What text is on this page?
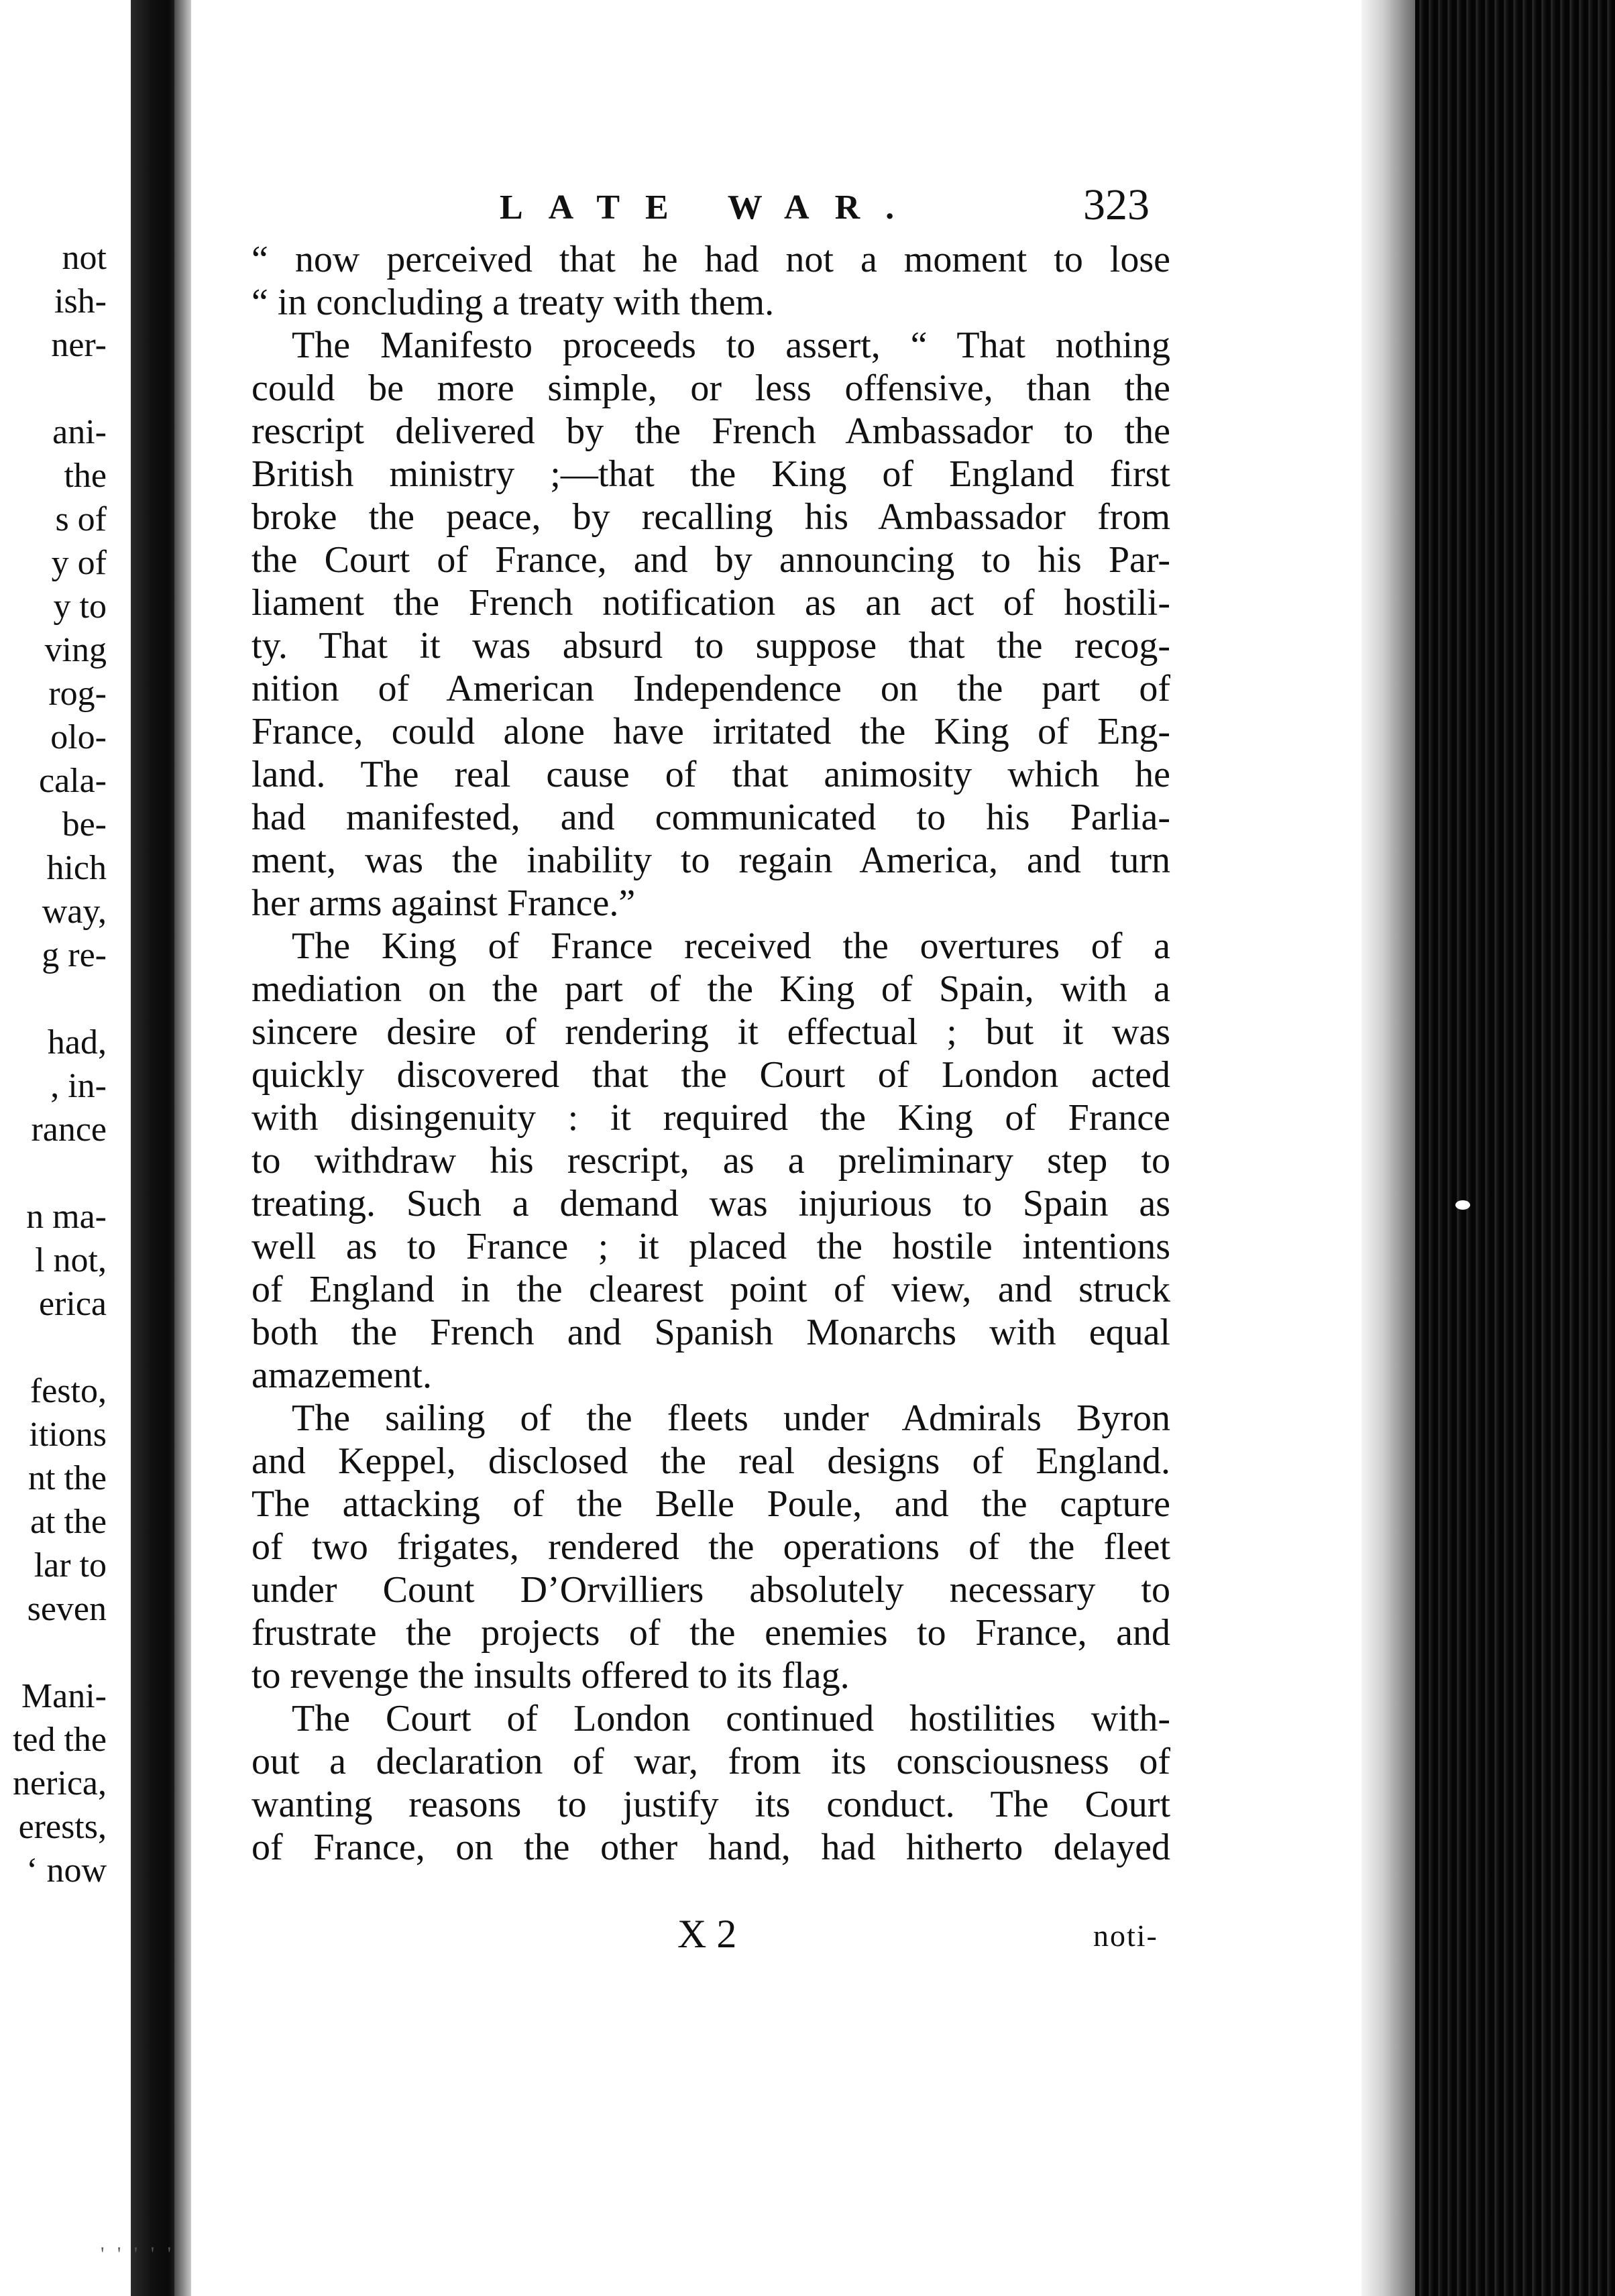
not
ish-
ner-
ani-
the
s of
y of
y to
ving
rog-
olo-
cala-
be-
hich
way,
g re-
had,
, in-
rance
n ma-
l not,
erica
festo,
itions
nt the
at the
lar to
seven
Mani-
ted the
nerica,
erests,
‘ now
LATE WAR.	323
“ now perceived that he had not a moment to lose
“ in concluding a treaty with them.
The Manifesto proceeds to assert, “ That nothing
could be more simple, or less offensive, than the
rescript delivered by the French Ambassador to the
British ministry ;—that the King of England first
broke the peace, by recalling his Ambassador from
the Court of France, and by announcing to his Par-
liament the French notification as an act of hostili-
ty. That it was absurd to suppose that the recog-
nition of American Independence on the part of
France, could alone have irritated the King of Eng-
land. The real cause of that animosity which he
had manifested, and communicated to his Parlia-
ment, was the inability to regain America, and turn
her arms against France.”
The King of France received the overtures of a
mediation on the part of the King of Spain, with a
sincere desire of rendering it effectual ; but it was
quickly discovered that the Court of London acted
with disingenuity : it required the King of France
to withdraw his rescript, as a preliminary step to
treating. Such a demand was injurious to Spain as
well as to France ; it placed the hostile intentions
of England in the clearest point of view, and struck
both the French and Spanish Monarchs with equal
amazement.
The sailing of the fleets under Admirals Byron
and Keppel, disclosed the real designs of England.
The attacking of the Belle Poule, and the capture
of two frigates, rendered the operations of the fleet
under Count D’Orvilliers absolutely necessary to
frustrate the projects of the enemies to France, and
to revenge the insults offered to its flag.
The Court of London continued hostilities with-
out a declaration of war, from its consciousness of
wanting reasons to justify its conduct. The Court
of France, on the other hand, had hitherto delayed
X 2	noti-
' ' ' ' '
